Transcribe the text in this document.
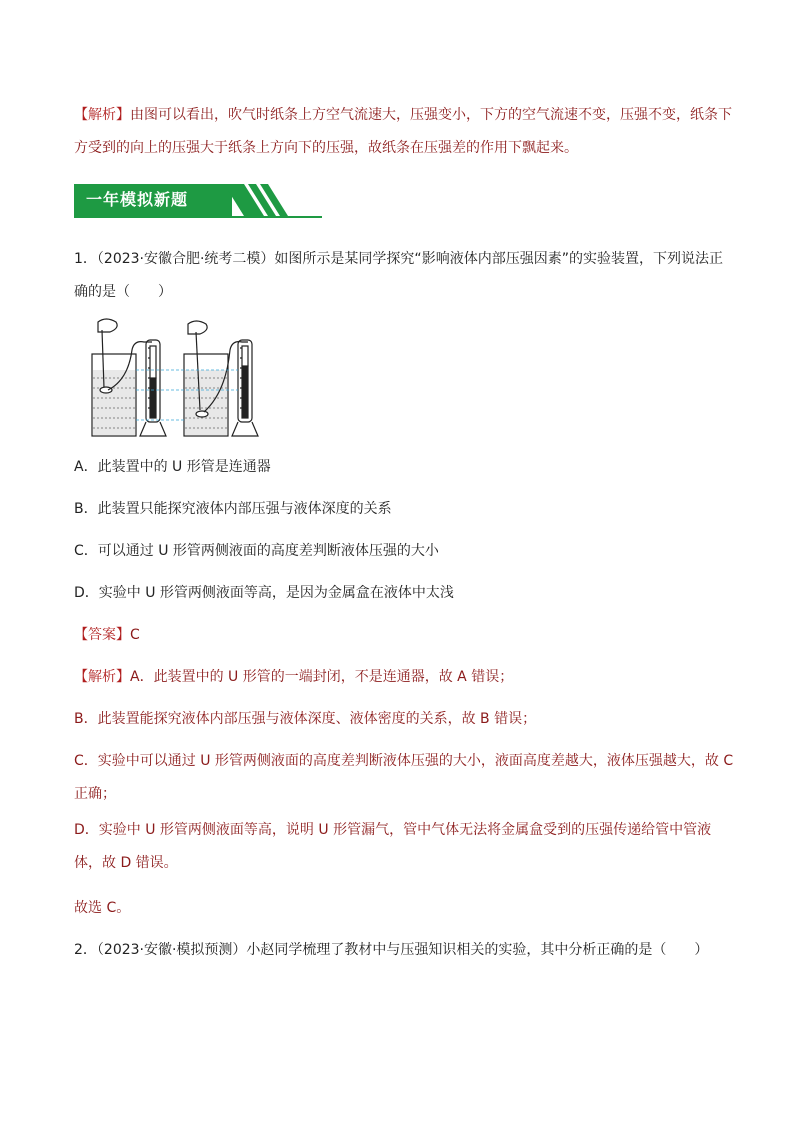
【解析】由图可以看出，吹气时纸条上方空气流速大，压强变小，下方的空气流速不变，压强不变，纸条下方受到的向上的压强大于纸条上方向下的压强，故纸条在压强差的作用下飘起来。

一年模拟新题

1．（2023·安徽合肥·统考二模）如图所示是某同学探究“影响液体内部压强因素”的实验装置，下列说法正确的是（　　）

A．此装置中的 U 形管是连通器

B．此装置只能探究液体内部压强与液体深度的关系

C．可以通过 U 形管两侧液面的高度差判断液体压强的大小

D．实验中 U 形管两侧液面等高，是因为金属盒在液体中太浅

【答案】C

【解析】A．此装置中的 U 形管的一端封闭，不是连通器，故 A 错误；

B．此装置能探究液体内部压强与液体深度、液体密度的关系，故 B 错误；

C．实验中可以通过 U 形管两侧液面的高度差判断液体压强的大小，液面高度差越大，液体压强越大，故 C 正确；

D．实验中 U 形管两侧液面等高，说明 U 形管漏气，管中气体无法将金属盒受到的压强传递给管中管液体，故 D 错误。

故选 C。

2．（2023·安徽·模拟预测）小赵同学梳理了教材中与压强知识相关的实验，其中分析正确的是（　　）
